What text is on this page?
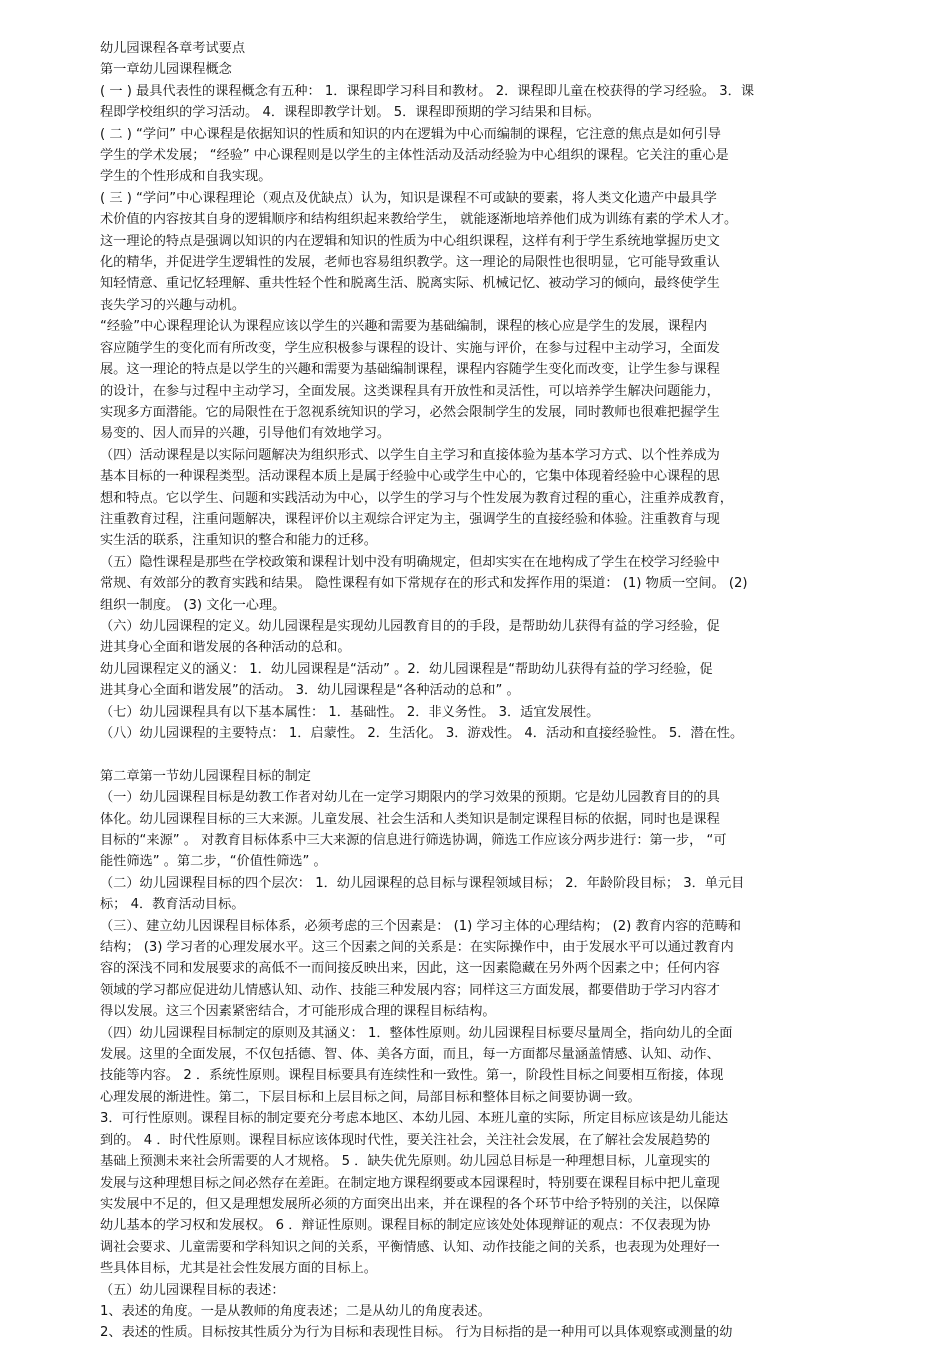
幼儿园课程各章考试要点
第一章幼儿园课程概念
( 一 ) 最具代表性的课程概念有五种： 1．课程即学习科目和教材。 2．课程即儿童在校获得的学习经验。 3．课
程即学校组织的学习活动。 4．课程即教学计划。 5．课程即预期的学习结果和目标。
( 二 ) “学问” 中心课程是依据知识的性质和知识的内在逻辑为中心而编制的课程，它注意的焦点是如何引导
学生的学术发展； “经验” 中心课程则是以学生的主体性活动及活动经验为中心组织的课程。它关注的重心是
学生的个性形成和自我实现。
( 三 ) “学问”中心课程理论（观点及优缺点）认为，知识是课程不可或缺的要素，将人类文化遗产中最具学
术价值的内容按其自身的逻辑顺序和结构组织起来教给学生， 就能逐渐地培养他们成为训练有素的学术人才。
这一理论的特点是强调以知识的内在逻辑和知识的性质为中心组织课程，这样有利于学生系统地掌握历史文
化的精华，并促进学生逻辑性的发展，老师也容易组织教学。这一理论的局限性也很明显，它可能导致重认
知轻情意、重记忆轻理解、重共性轻个性和脱离生活、脱离实际、机械记忆、被动学习的倾向，最终使学生
丧失学习的兴趣与动机。
“经验”中心课程理论认为课程应该以学生的兴趣和需要为基础编制，课程的核心应是学生的发展，课程内
容应随学生的变化而有所改变，学生应积极参与课程的设计、实施与评价，在参与过程中主动学习，全面发
展。这一理论的特点是以学生的兴趣和需要为基础编制课程，课程内容随学生变化而改变，让学生参与课程
的设计，在参与过程中主动学习，全面发展。这类课程具有开放性和灵活性，可以培养学生解决问题能力，
实现多方面潜能。它的局限性在于忽视系统知识的学习，必然会限制学生的发展，同时教师也很难把握学生
易变的、因人而异的兴趣，引导他们有效地学习。
（四）活动课程是以实际问题解决为组织形式、以学生自主学习和直接体验为基本学习方式、以个性养成为
基本目标的一种课程类型。活动课程本质上是属于经验中心或学生中心的，它集中体现着经验中心课程的思
想和特点。它以学生、问题和实践活动为中心，以学生的学习与个性发展为教育过程的重心，注重养成教育，
注重教育过程，注重问题解决，课程评价以主观综合评定为主，强调学生的直接经验和体验。注重教育与现
实生活的联系，注重知识的整合和能力的迁移。
（五）隐性课程是那些在学校政策和课程计划中没有明确规定，但却实实在在地构成了学生在校学习经验中
常规、有效部分的教育实践和结果。 隐性课程有如下常规存在的形式和发挥作用的渠道： (1) 物质一空间。 (2)
组织一制度。 (3) 文化一心理。
（六）幼儿园课程的定义。幼儿园课程是实现幼儿园教育目的的手段，是帮助幼儿获得有益的学习经验，促
进其身心全面和谐发展的各种活动的总和。
幼儿园课程定义的涵义： 1．幼儿园课程是“活动” 。2．幼儿园课程是“帮助幼儿获得有益的学习经验，促
进其身心全面和谐发展”的活动。 3．幼儿园课程是“各种活动的总和” 。
（七）幼儿园课程具有以下基本属性： 1．基础性。 2．非义务性。 3．适宜发展性。
（八）幼儿园课程的主要特点： 1．启蒙性。 2．生活化。 3．游戏性。 4．活动和直接经验性。 5．潜在性。
第二章第一节幼儿园课程目标的制定
（一）幼儿园课程目标是幼教工作者对幼儿在一定学习期限内的学习效果的预期。它是幼儿园教育目的的具
体化。幼儿园课程目标的三大来源。儿童发展、社会生活和人类知识是制定课程目标的依据，同时也是课程
目标的“来源” 。 对教育目标体系中三大来源的信息进行筛选协调，筛选工作应该分两步进行：第一步， “可
能性筛选” 。第二步，“价值性筛选” 。
（二）幼儿园课程目标的四个层次： 1．幼儿园课程的总目标与课程领域目标； 2．年龄阶段目标； 3．单元目
标； 4．教育活动目标。
（三）、建立幼儿因课程目标体系，必须考虑的三个因素是： (1) 学习主体的心理结构； (2) 教育内容的范畴和
结构； (3) 学习者的心理发展水平。这三个因素之间的关系是：在实际操作中，由于发展水平可以通过教育内
容的深浅不同和发展要求的高低不一而间接反映出来，因此，这一因素隐藏在另外两个因素之中；任何内容
领域的学习都应促进幼儿情感认知、动作、技能三种发展内容；同样这三方面发展，都要借助于学习内容才
得以发展。这三个因素紧密结合，才可能形成合理的课程目标结构。
（四）幼儿园课程目标制定的原则及其涵义： 1．整体性原则。幼儿园课程目标要尽量周全，指向幼儿的全面
发展。这里的全面发展，不仅包括德、智、体、美各方面，而且，每一方面都尽量涵盖情感、认知、动作、
技能等内容。 2 ．系统性原则。课程目标要具有连续性和一致性。第一，阶段性目标之间要相互衔接，体现
心理发展的渐进性。第二，下层目标和上层目标之间，局部目标和整体目标之间要协调一致。
3．可行性原则。课程目标的制定要充分考虑本地区、本幼儿园、本班儿童的实际，所定目标应该是幼儿能达
到的。 4 ．时代性原则。课程目标应该体现时代性，要关注社会，关注社会发展，在了解社会发展趋势的
基础上预测未来社会所需要的人才规格。 5 ．缺失优先原则。幼儿园总目标是一种理想目标，儿童现实的
发展与这种理想目标之间必然存在差距。在制定地方课程纲要或本园课程时，特别要在课程目标中把儿童现
实发展中不足的，但又是理想发展所必须的方面突出出来，并在课程的各个环节中给予特别的关注，以保障
幼儿基本的学习权和发展权。 6 ．辩证性原则。课程目标的制定应该处处体现辩证的观点：不仅表现为协
调社会要求、儿童需要和学科知识之间的关系，平衡情感、认知、动作技能之间的关系，也表现为处理好一
些具体目标，尤其是社会性发展方面的目标上。
（五）幼儿园课程目标的表述：
1、表述的角度。一是从教师的角度表述；二是从幼儿的角度表述。
2、表述的性质。目标按其性质分为行为目标和表现性目标。 行为目标指的是一种用可以具体观察或测量的幼
